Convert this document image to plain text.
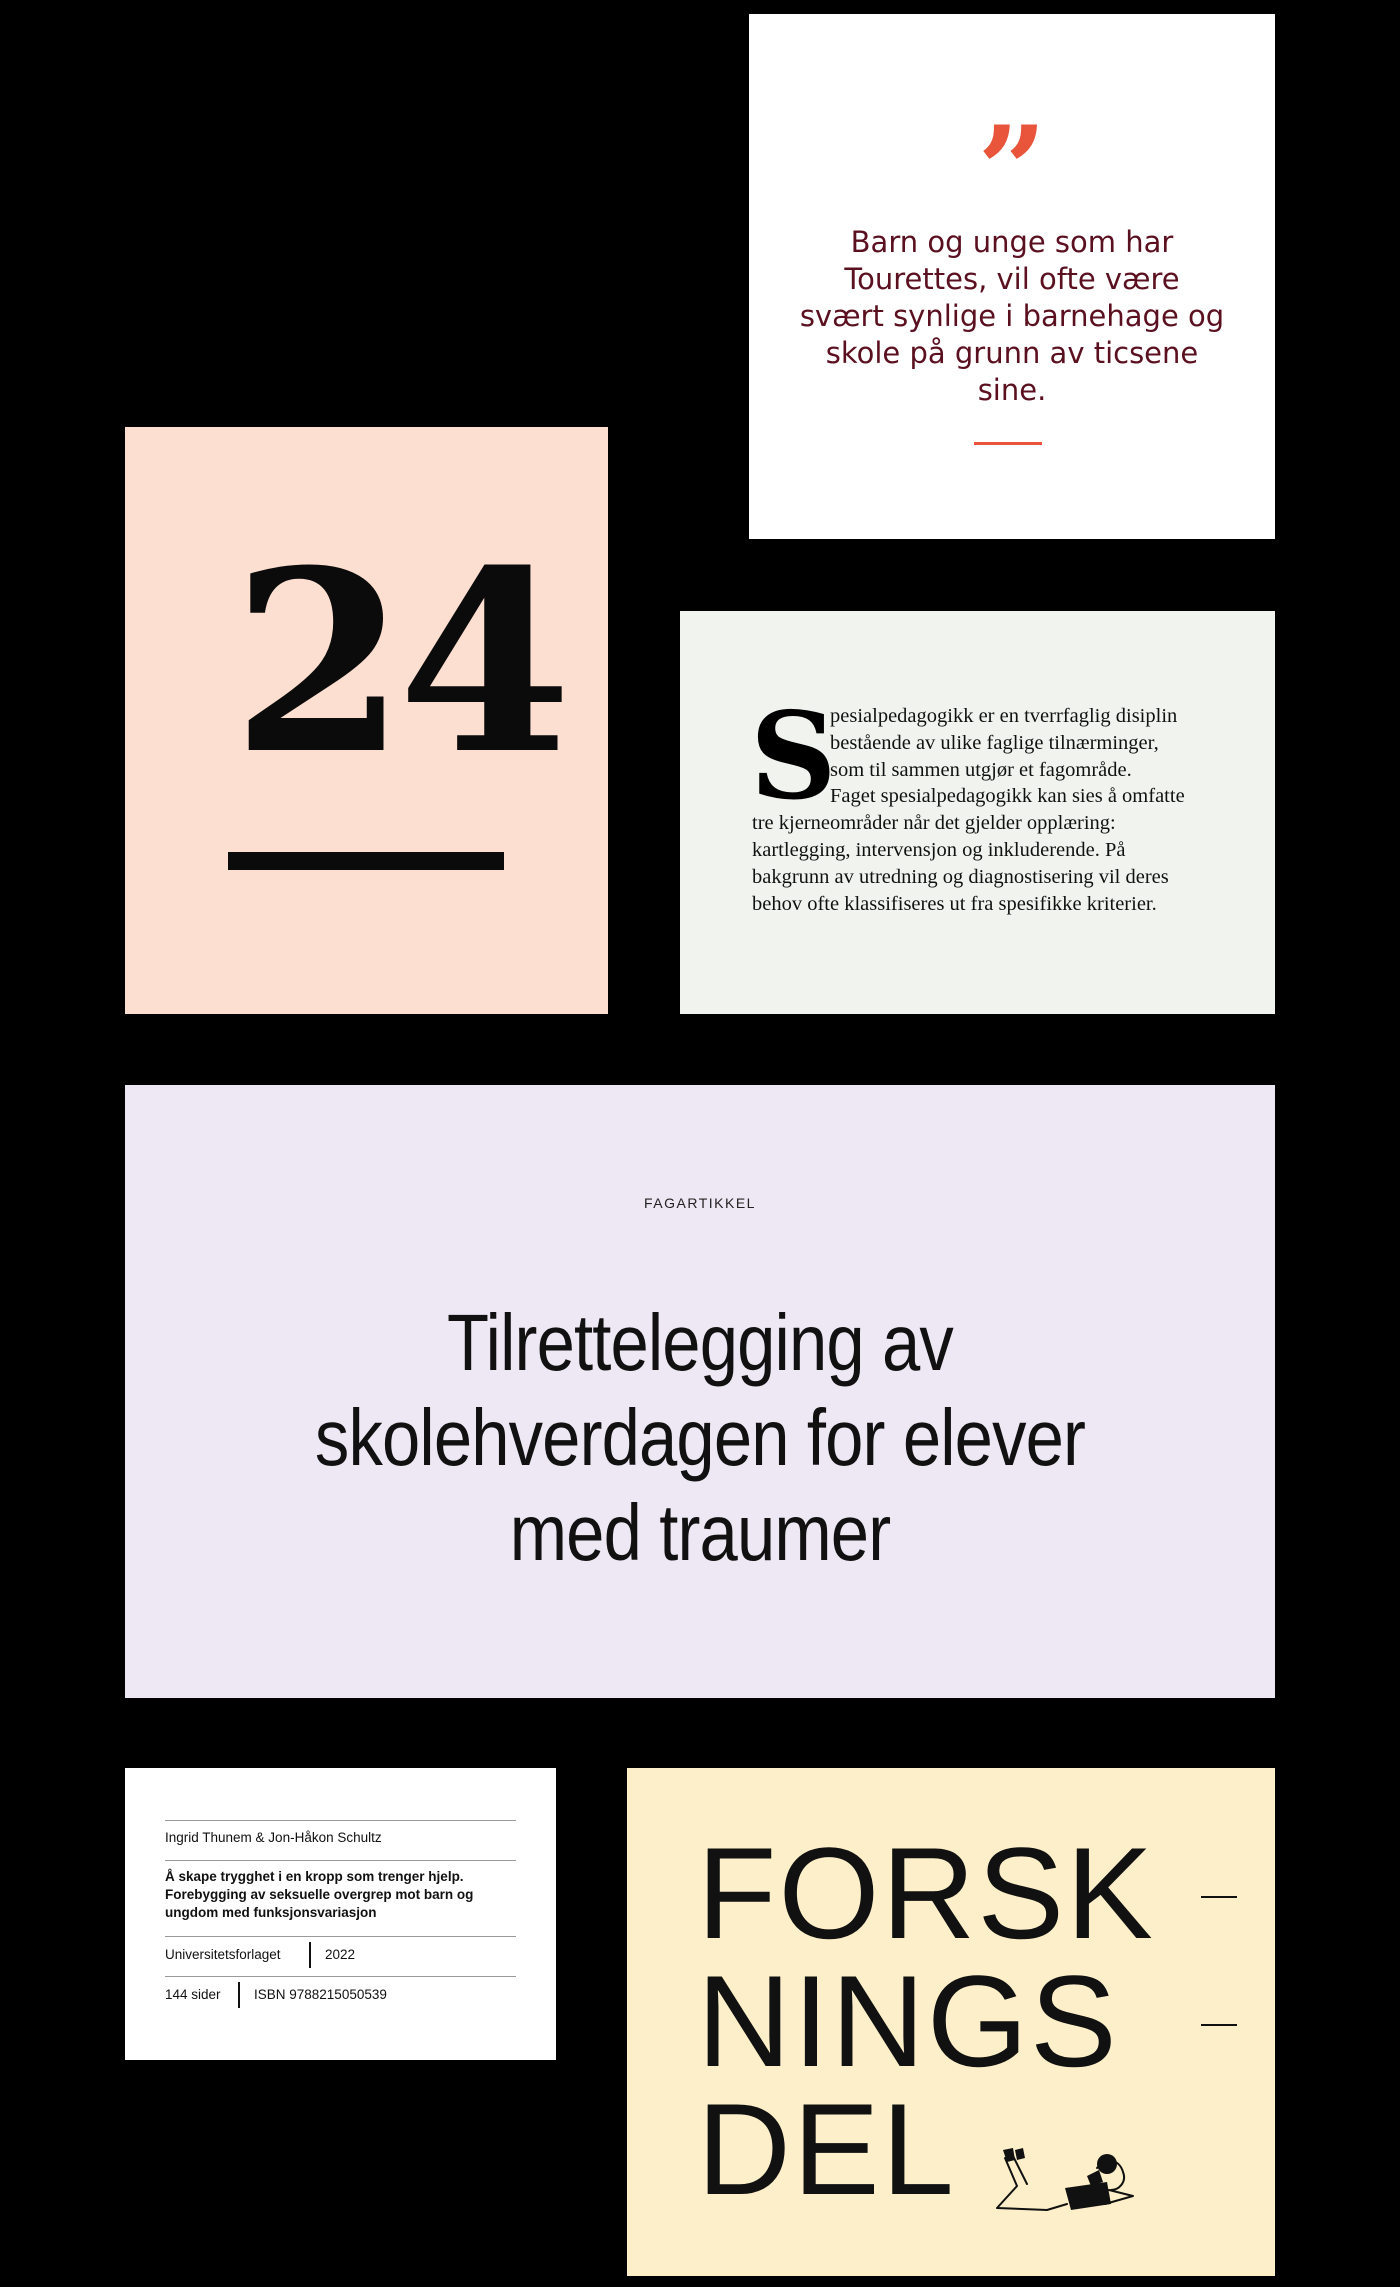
”
Barn og unge som har Tourettes, vil ofte være svært synlige i barnehage og skole på grunn av ticsene sine.
24 S
pesialpedagogikk er en tverrfaglig disiplin
bestående av ulike faglige tilnærminger,
som til sammen utgjør et fagområde.
Faget spesialpedagogikk kan sies å omfatte
tre kjerneområder når det gjelder opplæring:
kartlegging, intervensjon og inkluderende. På
bakgrunn av utredning og diagnostisering vil deres
behov ofte klassifiseres ut fra spesifikke kriterier.
FAGARTIKKEL
Tilrettelegging av
skolehverdagen for elever
med traumer
Ingrid Thunem & Jon-Håkon Schultz
Å skape trygghet i en kropp som trenger hjelp. Forebygging av seksuelle overgrep mot barn og ungdom med funksjonsvariasjon
Universitetsforlaget	2022
144 sider ISBN 9788215050539
FORSK
NINGS
DEL
